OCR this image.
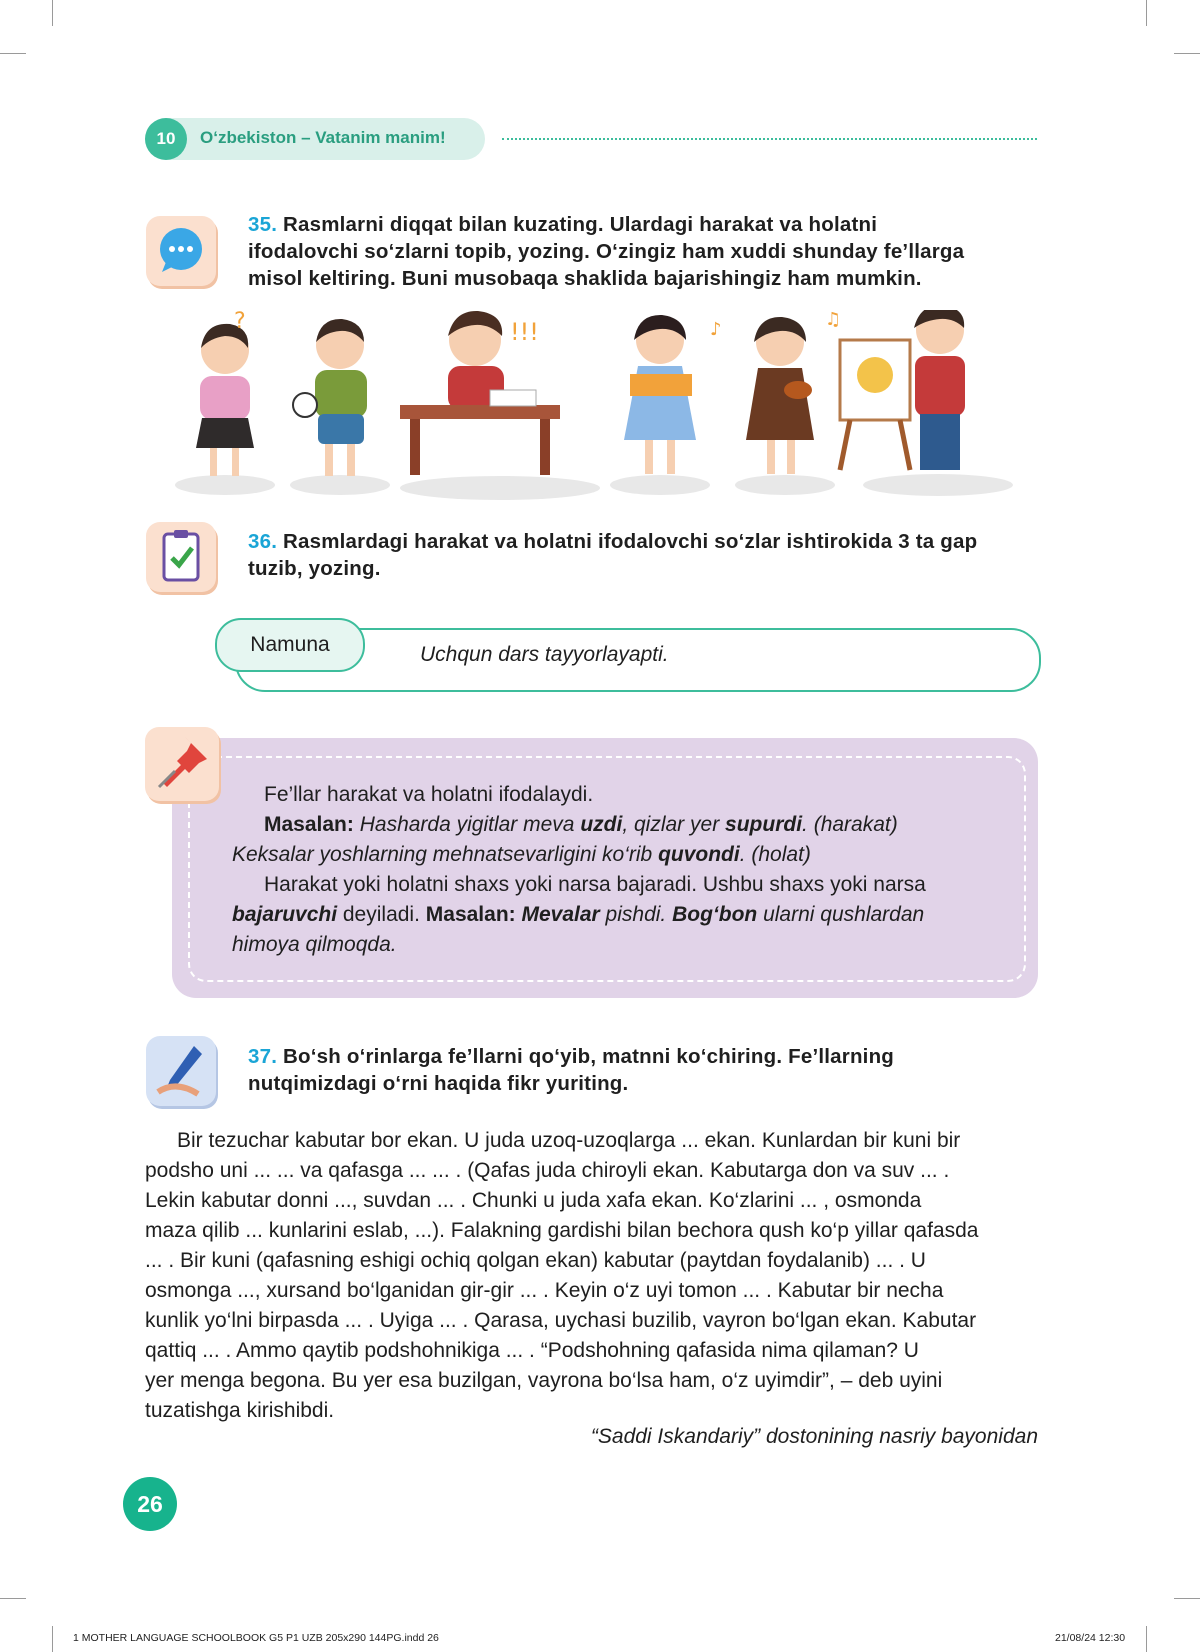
10	O‘zbekiston – Vatanim manim!
35. Rasmlarni diqqat bilan kuzating. Ulardagi harakat va holatni
ifodalovchi so‘zlarni topib, yozing. O‘zingiz ham xuddi shunday fe’llarga
misol keltiring. Buni musobaqa shaklida bajarishingiz ham mumkin.
?	!!!	♪	♫
36. Rasmlardagi harakat va holatni ifodalovchi so‘zlar ishtirokida 3 ta gap
tuzib, yozing.
Namuna	Uchqun dars tayyorlayapti.
Fe’llar harakat va holatni ifodalaydi.
Masalan: Hasharda yigitlar meva uzdi, qizlar yer supurdi. (harakat)
Keksalar yoshlarning mehnatsevarligini ko‘rib quvondi. (holat)
Harakat yoki holatni shaxs yoki narsa bajaradi. Ushbu shaxs yoki narsa
bajaruvchi deyiladi. Masalan: Mevalar pishdi. Bog‘bon ularni qushlardan
himoya qilmoqda.
37. Bo‘sh o‘rinlarga fe’llarni qo‘yib, matnni ko‘chiring. Fe’llarning
nutqimizdagi o‘rni haqida fikr yuriting.
Bir tezuchar kabutar bor ekan. U juda uzoq-uzoqlarga ... ekan. Kunlardan bir kuni bir
podsho uni ... ... va qafasga ... ... . (Qafas juda chiroyli ekan. Kabutarga don va suv ... .
Lekin kabutar donni ..., suvdan ... . Chunki u juda xafa ekan. Ko‘zlarini ... , osmonda
maza qilib ... kunlarini eslab, ...). Falakning gardishi bilan bechora qush ko‘p yillar qafasda
... . Bir kuni (qafasning eshigi ochiq qolgan ekan) kabutar (paytdan foydalanib) ... . U
osmonga ..., xursand bo‘lganidan gir-gir ... . Keyin o‘z uyi tomon ... . Kabutar bir necha
kunlik yo‘lni birpasda ... . Uyiga ... . Qarasa, uychasi buzilib, vayron bo‘lgan ekan. Kabutar
qattiq ... . Ammo qaytib podshohnikiga ... . “Podshohning qafasida nima qilaman? U
yer menga begona. Bu yer esa buzilgan, vayrona bo‘lsa ham, o‘z uyimdir”, – deb uyini
tuzatishga kirishibdi.
“Saddi Iskandariy” dostonining nasriy bayonidan
26
1 MOTHER LANGUAGE SCHOOLBOOK G5 P1 UZB 205x290 144PG.indd 26	21/08/24 12:30
